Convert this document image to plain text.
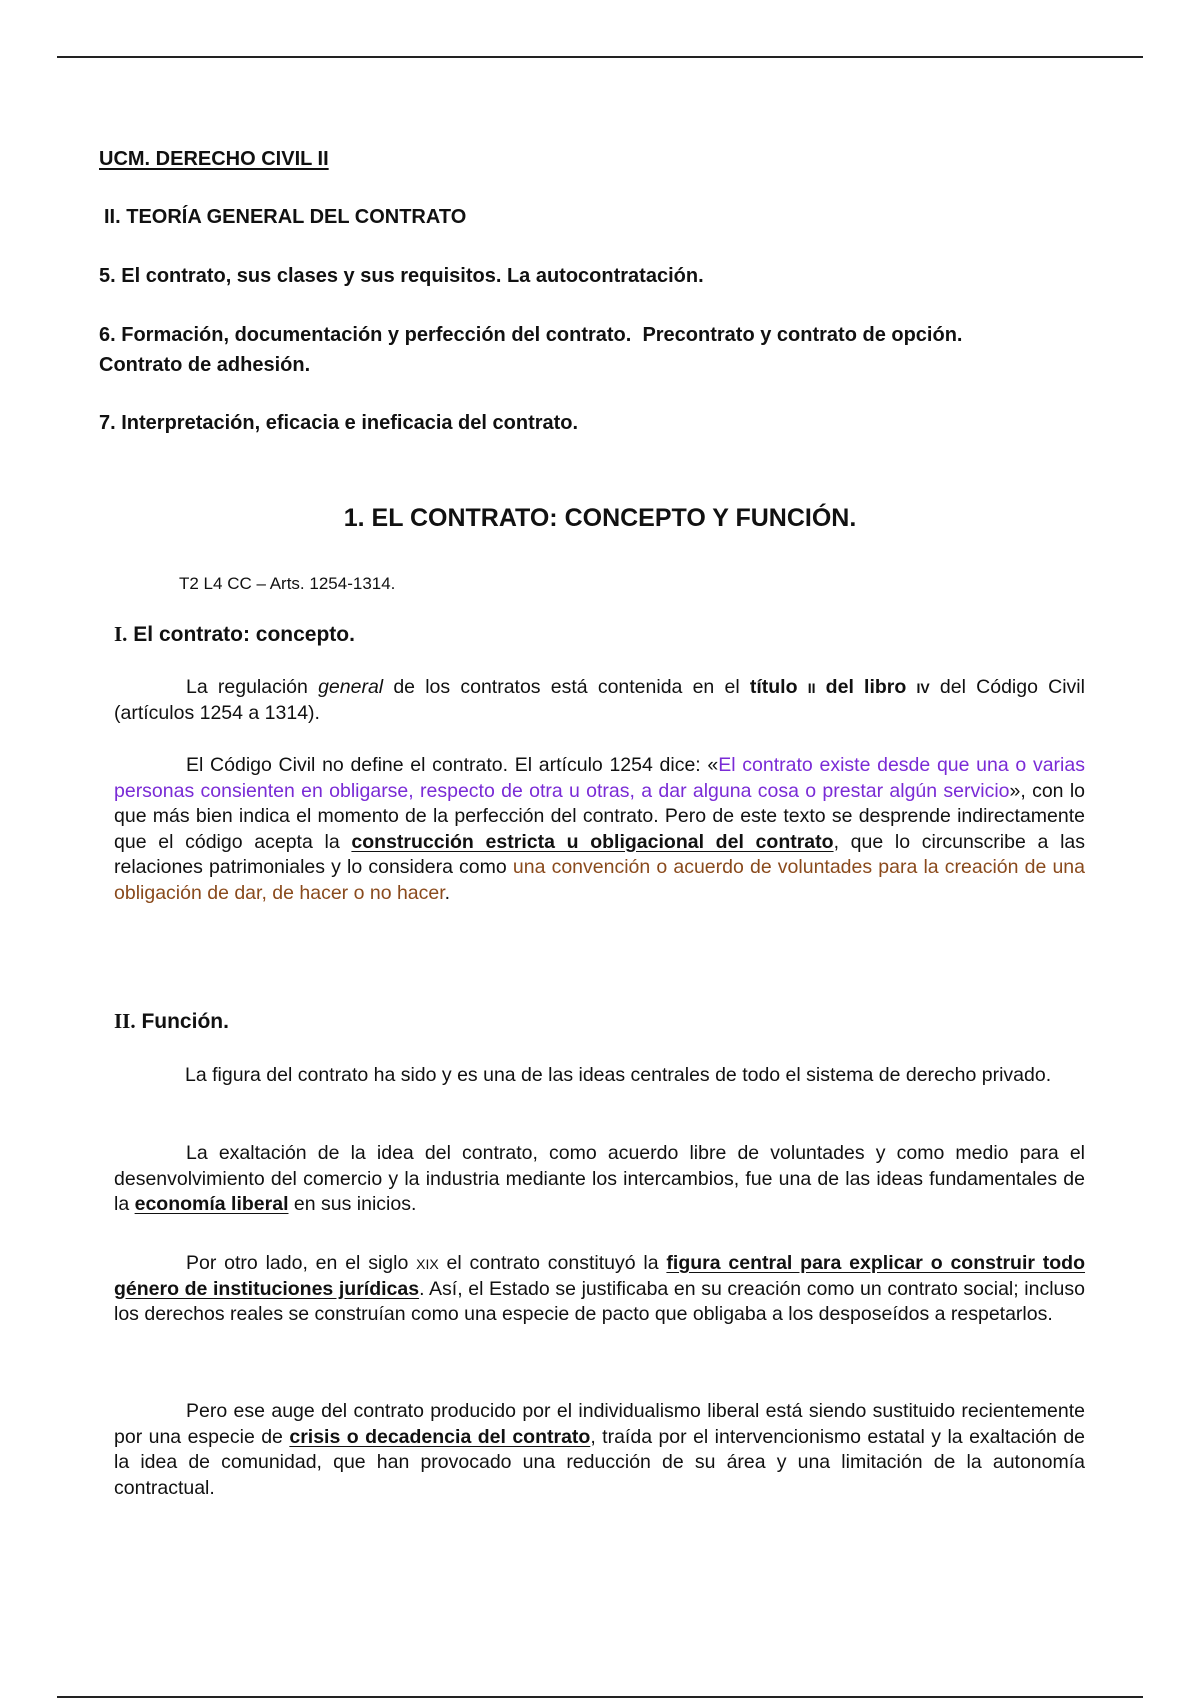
UCM. DERECHO CIVIL II
II. TEORÍA GENERAL DEL CONTRATO
5. El contrato, sus clases y sus requisitos. La autocontratación.
6. Formación, documentación y perfección del contrato.  Precontrato y contrato de opción.
Contrato de adhesión.
7. Interpretación, eficacia e ineficacia del contrato.
1. EL CONTRATO: CONCEPTO Y FUNCIÓN.
T2 L4 CC – Arts. 1254-1314.
I. El contrato: concepto.

La regulación general de los contratos está contenida en el título ii del libro iv del Código Civil (artículos 1254 a 1314).

El Código Civil no define el contrato. El artículo 1254 dice: «El contrato existe desde que una o varias personas consienten en obligarse, respecto de otra u otras, a dar alguna cosa o prestar algún servicio», con lo que más bien indica el momento de la perfección del contrato. Pero de este texto se desprende indirectamente que el código acepta la construcción estricta u obligacional del contrato, que lo circunscribe a las relaciones patrimoniales y lo considera como una convención o acuerdo de voluntades para la creación de una obligación de dar, de hacer o no hacer.

II. Función.

La figura del contrato ha sido y es una de las ideas centrales de todo el sistema de derecho privado.

La exaltación de la idea del contrato, como acuerdo libre de voluntades y como medio para el desenvolvimiento del comercio y la industria mediante los intercambios, fue una de las ideas fundamentales de la economía liberal en sus inicios.

Por otro lado, en el siglo xix el contrato constituyó la figura central para explicar o construir todo género de instituciones jurídicas. Así, el Estado se justificaba en su creación como un contrato social; incluso los derechos reales se construían como una especie de pacto que obligaba a los desposeídos a respetarlos.

Pero ese auge del contrato producido por el individualismo liberal está siendo sustituido recientemente por una especie de crisis o decadencia del contrato, traída por el intervencionismo estatal y la exaltación de la idea de comunidad, que han provocado una reducción de su área y una limitación de la autonomía contractual.
